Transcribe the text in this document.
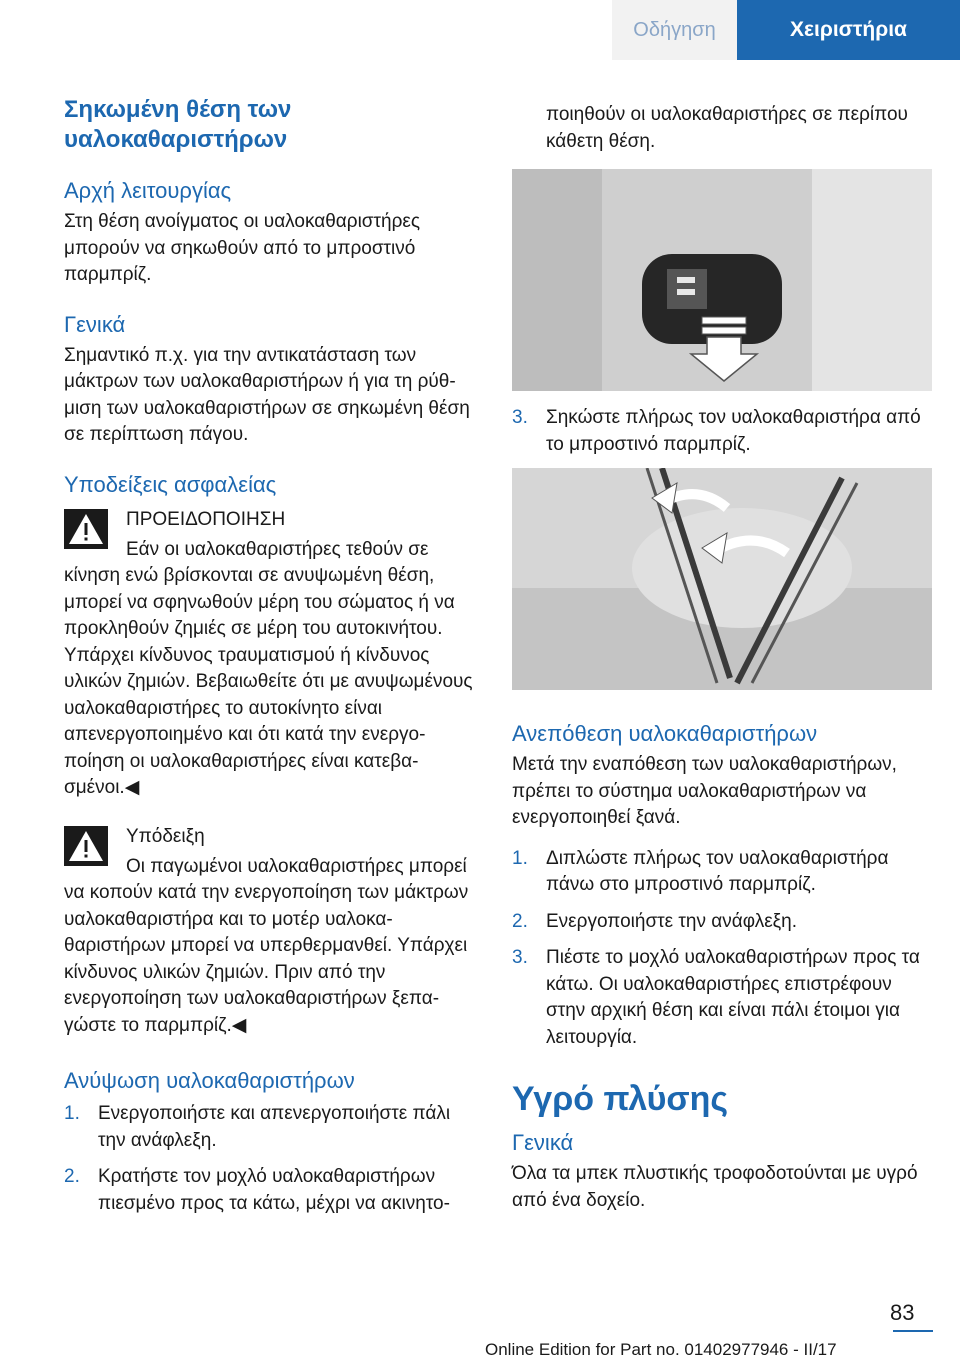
Οδήγηση	Χειριστήρια
Σηκωμένη θέση των υαλοκαθαριστήρων
Αρχή λειτουργίας

Στη θέση ανοίγματος οι υαλοκαθαριστήρες μπορούν να σηκωθούν από το μπροστινό παρμπρίζ.

Γενικά

Σημαντικό π.χ. για την αντικατάσταση των μάκτρων των υαλοκαθαριστήρων ή για τη ρύθμιση των υαλοκαθαριστήρων σε σηκωμένη θέση σε περίπτωση πάγου.

Υποδείξεις ασφαλείας
ΠΡΟΕΙΔΟΠΟΙΗΣΗ

Εάν οι υαλοκαθαριστήρες τεθούν σε κίνηση ενώ βρίσκονται σε ανυψωμένη θέση, μπορεί να σφηνωθούν μέρη του σώματος ή να προκληθούν ζημιές σε μέρη του αυτοκινήτου. Υπάρχει κίνδυνος τραυματισμού ή κίνδυνος υλικών ζημιών. Βεβαιωθείτε ότι με ανυψωμένους υαλοκαθαριστήρες το αυτοκίνητο είναι απενεργοποιημένο και ότι κατά την ενεργοποίηση οι υαλοκαθαριστήρες είναι κατεβασμένοι.◀

Υπόδειξη

Οι παγωμένοι υαλοκαθαριστήρες μπορεί να κοπούν κατά την ενεργοποίηση των μάκτρων υαλοκαθαριστήρα και το μοτέρ υαλοκαθαριστήρων μπορεί να υπερθερμανθεί. Υπάρχει κίνδυνος υλικών ζημιών. Πριν από την ενεργοποίηση των υαλοκαθαριστήρων ξεπαγώστε το παρμπρίζ.◀

Ανύψωση υαλοκαθαριστήρων
1. Ενεργοποιήστε και απενεργοποιήστε πάλι την ανάφλεξη.
2. Κρατήστε τον μοχλό υαλοκαθαριστήρων πιεσμένο προς τα κάτω, μέχρι να ακινητο-

ποιηθούν οι υαλοκαθαριστήρες σε περίπου κάθετη θέση.

3. Σηκώστε πλήρως τον υαλοκαθαριστήρα από το μπροστινό παρμπρίζ.
Ανεπόθεση υαλοκαθαριστήρων

Μετά την εναπόθεση των υαλοκαθαριστήρων, πρέπει το σύστημα υαλοκαθαριστήρων να ενεργοποιηθεί ξανά.

1. Διπλώστε πλήρως τον υαλοκαθαριστήρα πάνω στο μπροστινό παρμπρίζ.
2. Ενεργοποιήστε την ανάφλεξη.
3. Πιέστε το μοχλό υαλοκαθαριστήρων προς τα κάτω. Οι υαλοκαθαριστήρες επιστρέφουν στην αρχική θέση και είναι πάλι έτοιμοι για λειτουργία.
Υγρό πλύσης
Γενικά

Όλα τα μπεκ πλυστικής τροφοδοτούνται με υγρό από ένα δοχείο.

83
Online Edition for Part no. 01402977946 - II/17
